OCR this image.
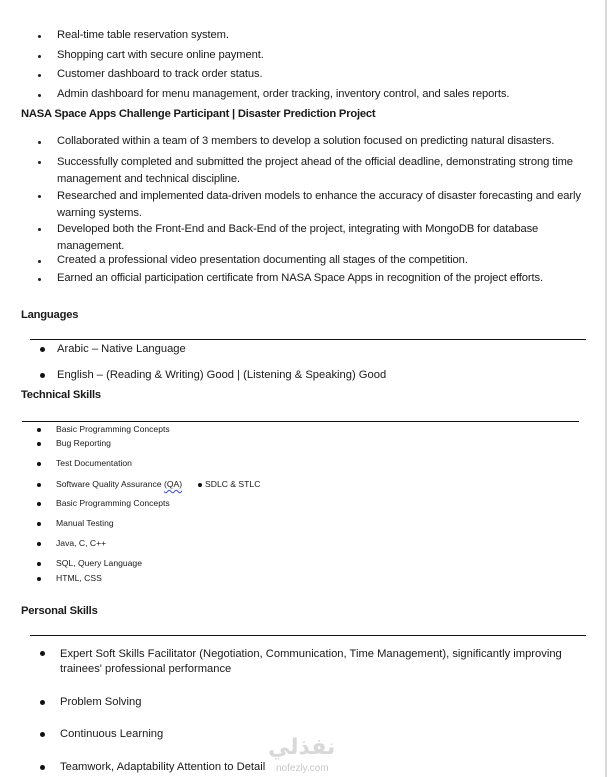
Real-time table reservation system.
Shopping cart with secure online payment.
Customer dashboard to track order status.
Admin dashboard for menu management, order tracking, inventory control, and sales reports.
NASA Space Apps Challenge Participant | Disaster Prediction Project
Collaborated within a team of 3 members to develop a solution focused on predicting natural disasters.
Successfully completed and submitted the project ahead of the official deadline, demonstrating strong time management and technical discipline.
Researched and implemented data-driven models to enhance the accuracy of disaster forecasting and early warning systems.
Developed both the Front-End and Back-End of the project, integrating with MongoDB for database management.
Created a professional video presentation documenting all stages of the competition.
Earned an official participation certificate from NASA Space Apps in recognition of the project efforts.
Languages
Arabic – Native Language
English – (Reading & Writing) Good | (Listening & Speaking) Good
Technical Skills
Basic Programming Concepts
Bug Reporting
Test Documentation
Software Quality Assurance (QA)	SDLC & STLC
Basic Programming Concepts
Manual Testing
Java, C, C++
SQL, Query Language
HTML, CSS
Personal Skills
Expert Soft Skills Facilitator (Negotiation, Communication, Time Management), significantly improving trainees' professional performance
Problem Solving
Continuous Learning
Teamwork, Adaptability Attention to Detail
نفذلي
nofezly.com
